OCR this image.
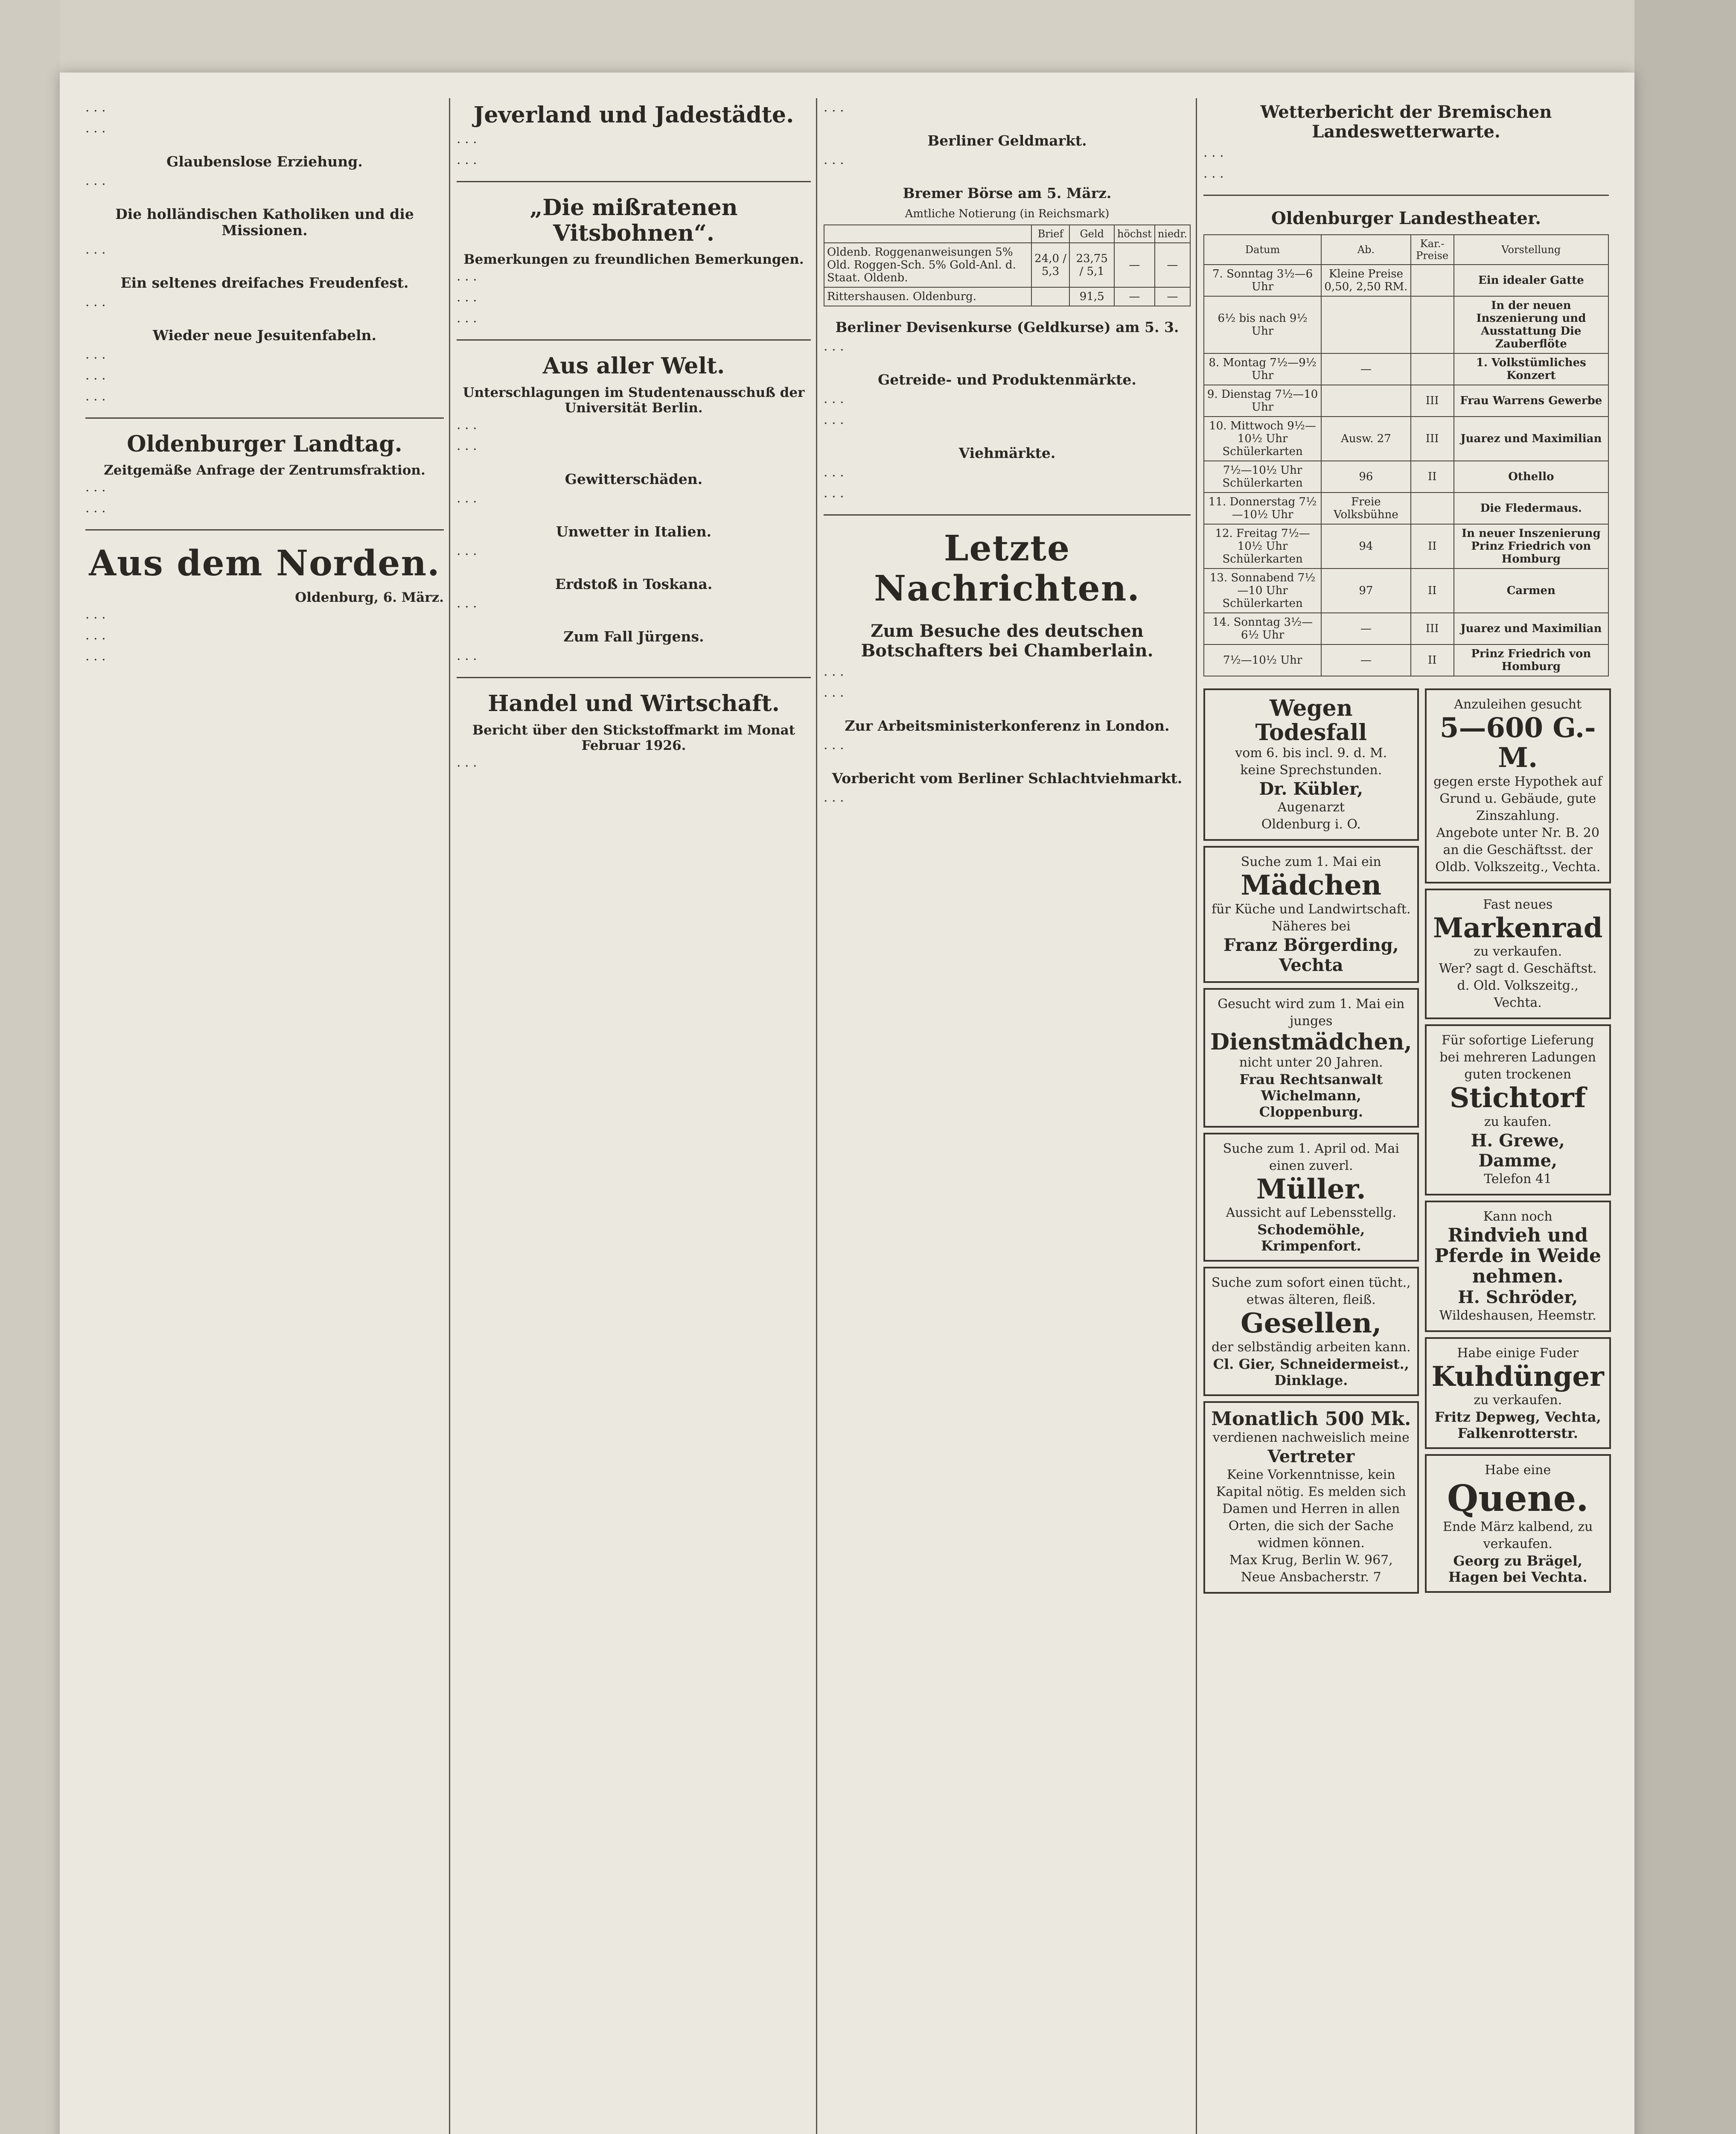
· · ·

· · ·

Glaubenslose Erziehung.

· · ·

Die holländischen Katholiken und die Missionen.

· · ·

Ein seltenes dreifaches Freudenfest.

· · ·

Wieder neue Jesuitenfabeln.

· · ·

· · ·

· · ·

Oldenburger Landtag.
Zeitgemäße Anfrage der Zentrumsfraktion.

· · ·

· · ·

Aus dem Norden.
Oldenburg, 6. März.

· · ·

· · ·

· · ·

Jeverland und Jadestädte.

· · ·

· · ·

„Die mißratenen Vitsbohnen“.
Bemerkungen zu freundlichen Bemerkungen.

· · ·

· · ·

· · ·

Aus aller Welt.
Unterschlagungen im Studentenausschuß der Universität Berlin.

· · ·

· · ·

Gewitterschäden.

· · ·

Unwetter in Italien.

· · ·

Erdstoß in Toskana.

· · ·

Zum Fall Jürgens.

· · ·

Handel und Wirtschaft.
Bericht über den Stickstoffmarkt im Monat Februar 1926.

· · ·

· · ·

Berliner Geldmarkt.

· · ·

Bremer Börse am 5. März.
Amtliche Notierung (in Reichsmark)
	Brief	Geld	höchst	niedr.
Oldenb. Roggenanweisungen 5% Old. Roggen-Sch. 5% Gold-Anl. d. Staat. Oldenb.	24,0 / 5,3	23,75 / 5,1	—	—
Rittershausen. Oldenburg.		91,5	—	—
Berliner Devisenkurse (Geldkurse) am 5. 3.

· · ·

Getreide- und Produktenmärkte.

· · ·

· · ·

Viehmärkte.

· · ·

· · ·

Letzte Nachrichten.
Zum Besuche des deutschen Botschafters bei Chamberlain.

· · ·

· · ·

Zur Arbeitsministerkonferenz in London.

· · ·

Vorbericht vom Berliner Schlachtviehmarkt.

· · ·

Wetterbericht der Bremischen Landeswetterwarte.

· · ·

· · ·

Oldenburger Landestheater.
Datum	Ab.	Kar.-Preise	Vorstellung
7. Sonntag 3½—6 Uhr	Kleine Preise 0,50, 2,50 RM.		Ein idealer Gatte
6½ bis nach 9½ Uhr			In der neuen Inszenierung und Ausstattung Die Zauberflöte
8. Montag 7½—9½ Uhr	—		1. Volkstümliches Konzert
9. Dienstag 7½—10 Uhr		III	Frau Warrens Gewerbe
10. Mittwoch 9½—10½ Uhr Schülerkarten	Ausw. 27	III	Juarez und Maximilian
7½—10½ Uhr Schülerkarten	96	II	Othello
11. Donnerstag 7½—10½ Uhr	Freie Volksbühne		Die Fledermaus.
12. Freitag 7½—10½ Uhr Schülerkarten	94	II	In neuer Inszenierung Prinz Friedrich von Homburg
13. Sonnabend 7½—10 Uhr Schülerkarten	97	II	Carmen
14. Sonntag 3½—6½ Uhr	—	III	Juarez und Maximilian
7½—10½ Uhr	—	II	Prinz Friedrich von Homburg
Wegen Todesfall
vom 6. bis incl. 9. d. M.
keine Sprechstunden.
Dr. Kübler,
Augenarzt
Oldenburg i. O.
Suche zum 1. Mai ein
Mädchen
für Küche und Landwirtschaft.
Näheres bei
Franz Börgerding, Vechta
Gesucht wird zum 1. Mai ein junges
Dienstmädchen,
nicht unter 20 Jahren.
Frau Rechtsanwalt Wichelmann, Cloppenburg.
Suche zum 1. April od. Mai einen zuverl.
Müller.
Aussicht auf Lebensstellg.
Schodemöhle, Krimpenfort.
Suche zum sofort einen tücht., etwas älteren, fleiß.
Gesellen,
der selbständig arbeiten kann.
Cl. Gier, Schneidermeist., Dinklage.
Monatlich 500 Mk.
verdienen nachweislich meine
Vertreter
Keine Vorkenntnisse, kein Kapital nötig. Es melden sich Damen und Herren in allen Orten, die sich der Sache widmen können.
Max Krug, Berlin W. 967, Neue Ansbacherstr. 7
Anzuleihen gesucht
5—600 G.-M.
gegen erste Hypothek auf Grund u. Gebäude, gute Zinszahlung.
Angebote unter Nr. B. 20 an die Geschäftsst. der Oldb. Volkszeitg., Vechta.
Fast neues
Markenrad
zu verkaufen.
Wer? sagt d. Geschäftst. d. Old. Volkszeitg., Vechta.
Für sofortige Lieferung bei mehreren Ladungen guten trockenen
Stichtorf
zu kaufen.
H. Grewe, Damme,
Telefon 41
Kann noch
Rindvieh und Pferde in Weide nehmen.
H. Schröder,
Wildeshausen, Heemstr.
Habe einige Fuder
Kuhdünger
zu verkaufen.
Fritz Depweg, Vechta, Falkenrotterstr.
Habe eine
Quene.
Ende März kalbend, zu verkaufen.
Georg zu Brägel, Hagen bei Vechta.
